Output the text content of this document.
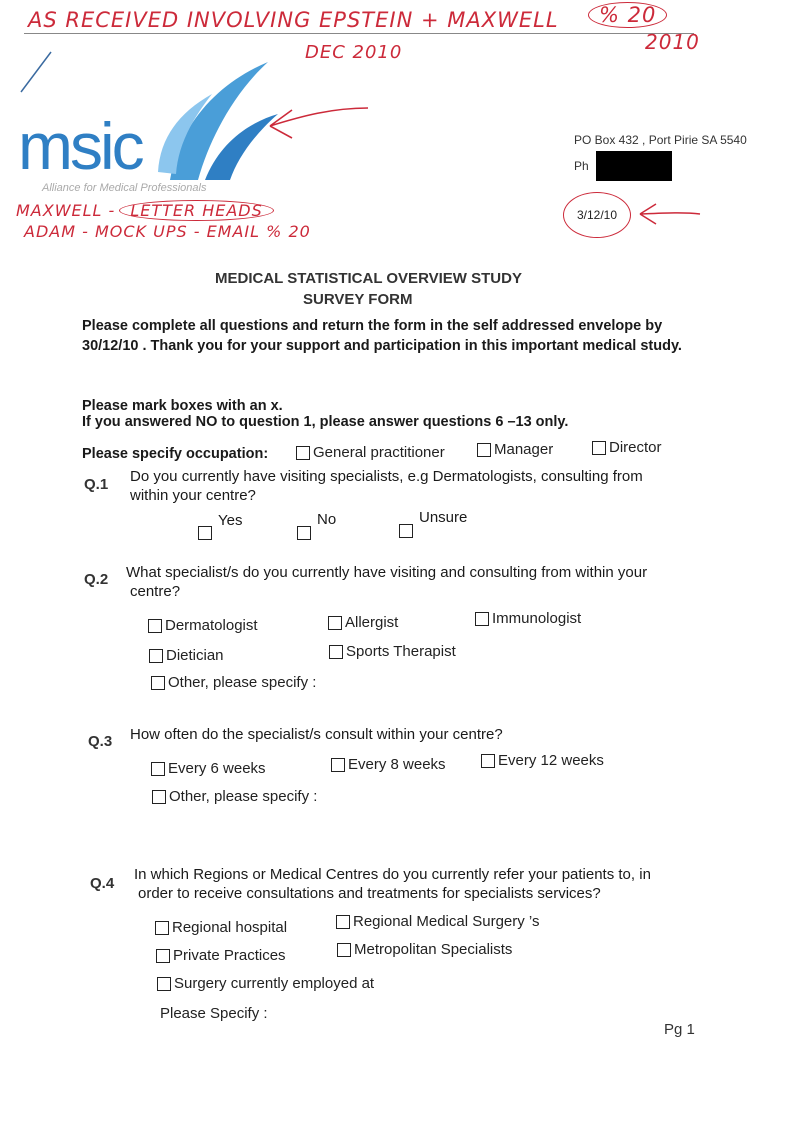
AS RECEIVED INVOLVING EPSTEIN + MAXWELL	% 20
2010
DEC 2010
msic
Alliance for Medical Professionals
MAXWELL - LETTER HEADS
ADAM - MOCK UPS - EMAIL % 20
PO Box 432 , Port Pirie SA 5540
Ph
3/12/10
MEDICAL STATISTICAL OVERVIEW STUDY
SURVEY FORM
Please complete all questions and return the form in the self addressed envelope by
30/12/10 . Thank you for your support and participation in this important medical study.
Please mark boxes with an x.
If you answered NO to question 1, please answer questions 6 –13 only.
Please specify occupation:	General practitioner	Manager	Director
Q.1 Do you currently have visiting specialists, e.g Dermatologists, consulting from
within your centre?
Yes	No	Unsure
Q.2 What specialist/s do you currently have visiting and consulting from within your
centre?
Dermatologist	Allergist	Immunologist
Dietician	Sports Therapist
Other, please specify :
Q.3 How often do the specialist/s consult within your centre?
Every 6 weeks	Every 8 weeks	Every 12 weeks
Other, please specify :
Q.4
In which Regions or Medical Centres do you currently refer your patients to, in
order to receive consultations and treatments for specialists services?
Regional hospital	Regional Medical Surgery ’s
Private Practices	Metropolitan Specialists
Surgery currently employed at
Please Specify :
Pg 1
